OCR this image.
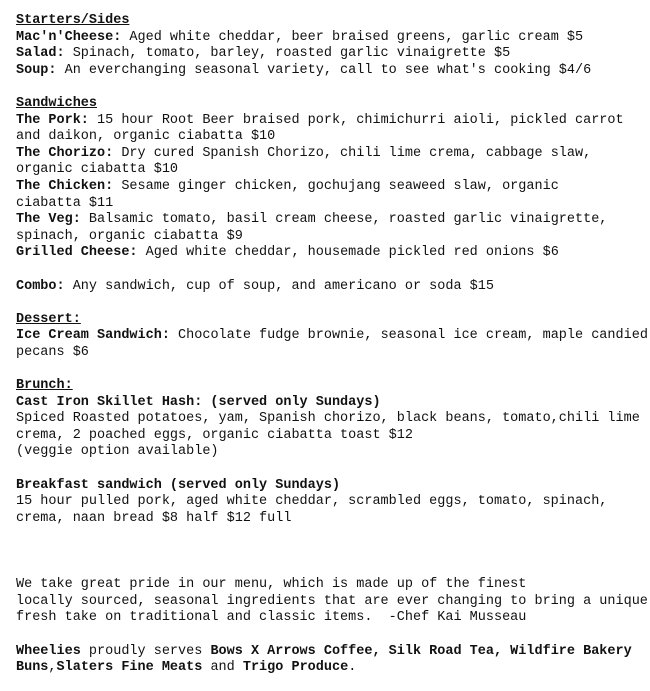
Starters/Sides
Mac'n'Cheese: Aged white cheddar, beer braised greens, garlic cream $5
Salad: Spinach, tomato, barley, roasted garlic vinaigrette $5
Soup: An everchanging seasonal variety, call to see what's cooking $4/6
Sandwiches
The Pork: 15 hour Root Beer braised pork, chimichurri aioli, pickled carrot
and daikon, organic ciabatta $10
The Chorizo: Dry cured Spanish Chorizo, chili lime crema, cabbage slaw,
organic ciabatta $10
The Chicken: Sesame ginger chicken, gochujang seaweed slaw, organic
ciabatta $11
The Veg: Balsamic tomato, basil cream cheese, roasted garlic vinaigrette,
spinach, organic ciabatta $9
Grilled Cheese: Aged white cheddar, housemade pickled red onions $6
Combo: Any sandwich, cup of soup, and americano or soda $15
Dessert:
Ice Cream Sandwich: Chocolate fudge brownie, seasonal ice cream, maple candied
pecans $6
Brunch:
Cast Iron Skillet Hash: (served only Sundays)
Spiced Roasted potatoes, yam, Spanish chorizo, black beans, tomato,chili lime
crema, 2 poached eggs, organic ciabatta toast $12
(veggie option available)
Breakfast sandwich (served only Sundays)
15 hour pulled pork, aged white cheddar, scrambled eggs, tomato, spinach,
crema, naan bread $8 half $12 full
We take great pride in our menu, which is made up of the finest
locally sourced, seasonal ingredients that are ever changing to bring a unique
fresh take on traditional and classic items.  -Chef Kai Musseau
Wheelies proudly serves Bows X Arrows Coffee, Silk Road Tea, Wildfire Bakery
Buns,Slaters Fine Meats and Trigo Produce.
